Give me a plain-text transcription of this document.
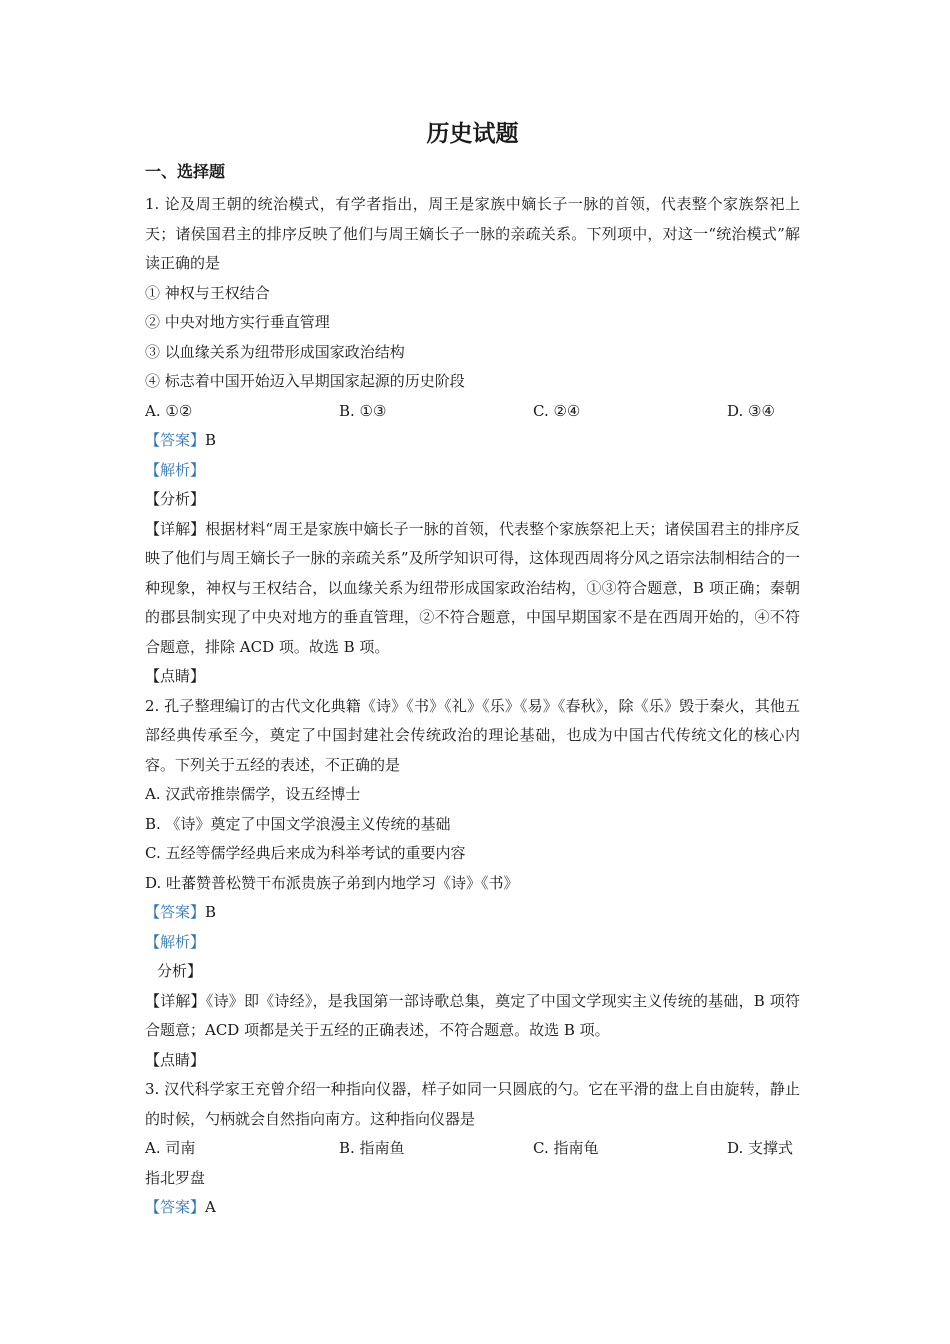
历史试题
一、选择题
1. 论及周王朝的统治模式，有学者指出，周王是家族中嫡长子一脉的首领，代表整个家族祭祀上天；诸侯国君主的排序反映了他们与周王嫡长子一脉的亲疏关系。下列项中，对这一“统治模式”解读正确的是
① 神权与王权结合
② 中央对地方实行垂直管理
③ 以血缘关系为纽带形成国家政治结构
④ 标志着中国开始迈入早期国家起源的历史阶段
A. ①②	B. ①③	C. ②④	D. ③④
【答案】B
【解析】
【分析】
【详解】根据材料“周王是家族中嫡长子一脉的首领，代表整个家族祭祀上天；诸侯国君主的排序反映了他们与周王嫡长子一脉的亲疏关系”及所学知识可得，这体现西周将分风之语宗法制相结合的一种现象，神权与王权结合，以血缘关系为纽带形成国家政治结构，①③符合题意，B 项正确；秦朝的郡县制实现了中央对地方的垂直管理，②不符合题意，中国早期国家不是在西周开始的，④不符合题意，排除 ACD 项。故选 B 项。
【点睛】
2. 孔子整理编订的古代文化典籍《诗》《书》《礼》《乐》《易》《春秋》，除《乐》毁于秦火，其他五部经典传承至今，奠定了中国封建社会传统政治的理论基础，也成为中国古代传统文化的核心内容。下列关于五经的表述，不正确的是
A. 汉武帝推崇儒学，设五经博士
B. 《诗》奠定了中国文学浪漫主义传统的基础
C. 五经等儒学经典后来成为科举考试的重要内容
D. 吐蕃赞普松赞干布派贵族子弟到内地学习《诗》《书》
【答案】B
【解析】
分析】
【详解】《诗》即《诗经》，是我国第一部诗歌总集，奠定了中国文学现实主义传统的基础，B 项符合题意；ACD 项都是关于五经的正确表述，不符合题意。故选 B 项。
【点睛】
3. 汉代科学家王充曾介绍一种指向仪器，样子如同一只圆底的勺。它在平滑的盘上自由旋转，静止的时候，勺柄就会自然指向南方。这种指向仪器是
A. 司南	B. 指南鱼	C. 指南龟	D. 支撑式
指北罗盘
【答案】A
